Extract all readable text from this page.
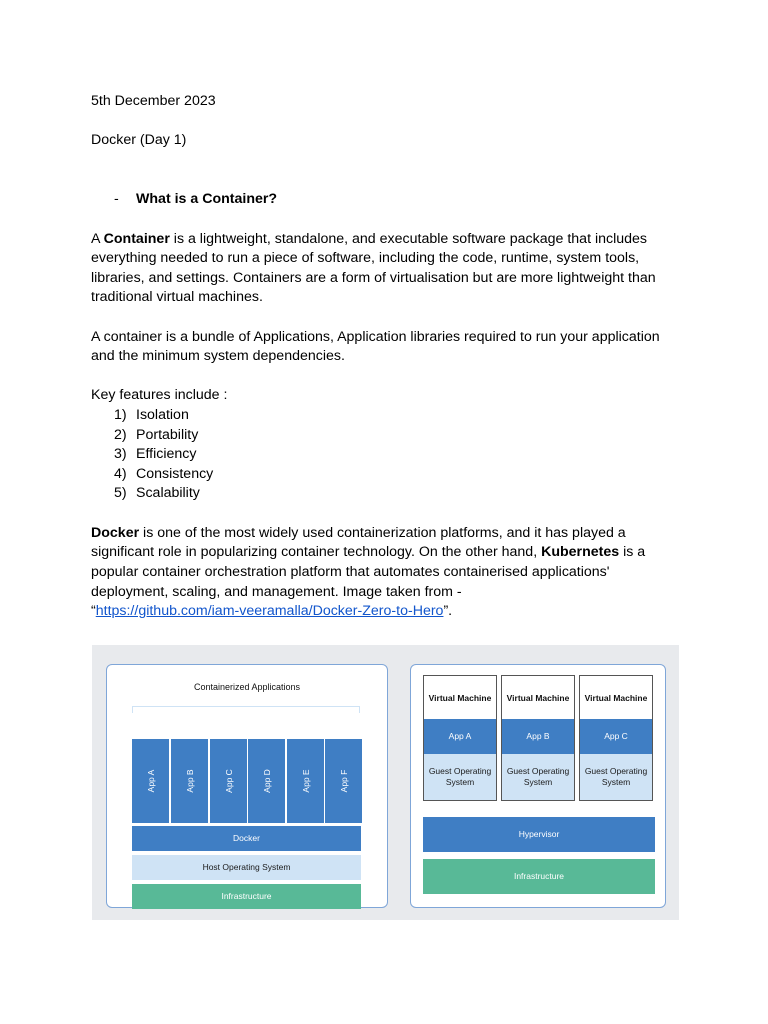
5th December 2023
Docker (Day 1)
- What is a Container?
A Container is a lightweight, standalone, and executable software package that includes
everything needed to run a piece of software, including the code, runtime, system tools,
libraries, and settings. Containers are a form of virtualisation but are more lightweight than
traditional virtual machines.
A container is a bundle of Applications, Application libraries required to run your application
and the minimum system dependencies.
Key features include :
1) Isolation
2) Portability
3) Efficiency
4) Consistency
5) Scalability
Docker is one of the most widely used containerization platforms, and it has played a
significant role in popularizing container technology. On the other hand, Kubernetes is a
popular container orchestration platform that automates containerised applications'
deployment, scaling, and management. Image taken from -
“https://github.com/iam-veeramalla/Docker-Zero-to-Hero”.
Containerized Applications
App A	App B	App C	App D	App E	App F
Docker
Host Operating System
Infrastructure
Virtual Machine
App A
Guest Operating System
Virtual Machine
App B
Guest Operating System
Virtual Machine
App C
Guest Operating System
Hypervisor
Infrastructure
